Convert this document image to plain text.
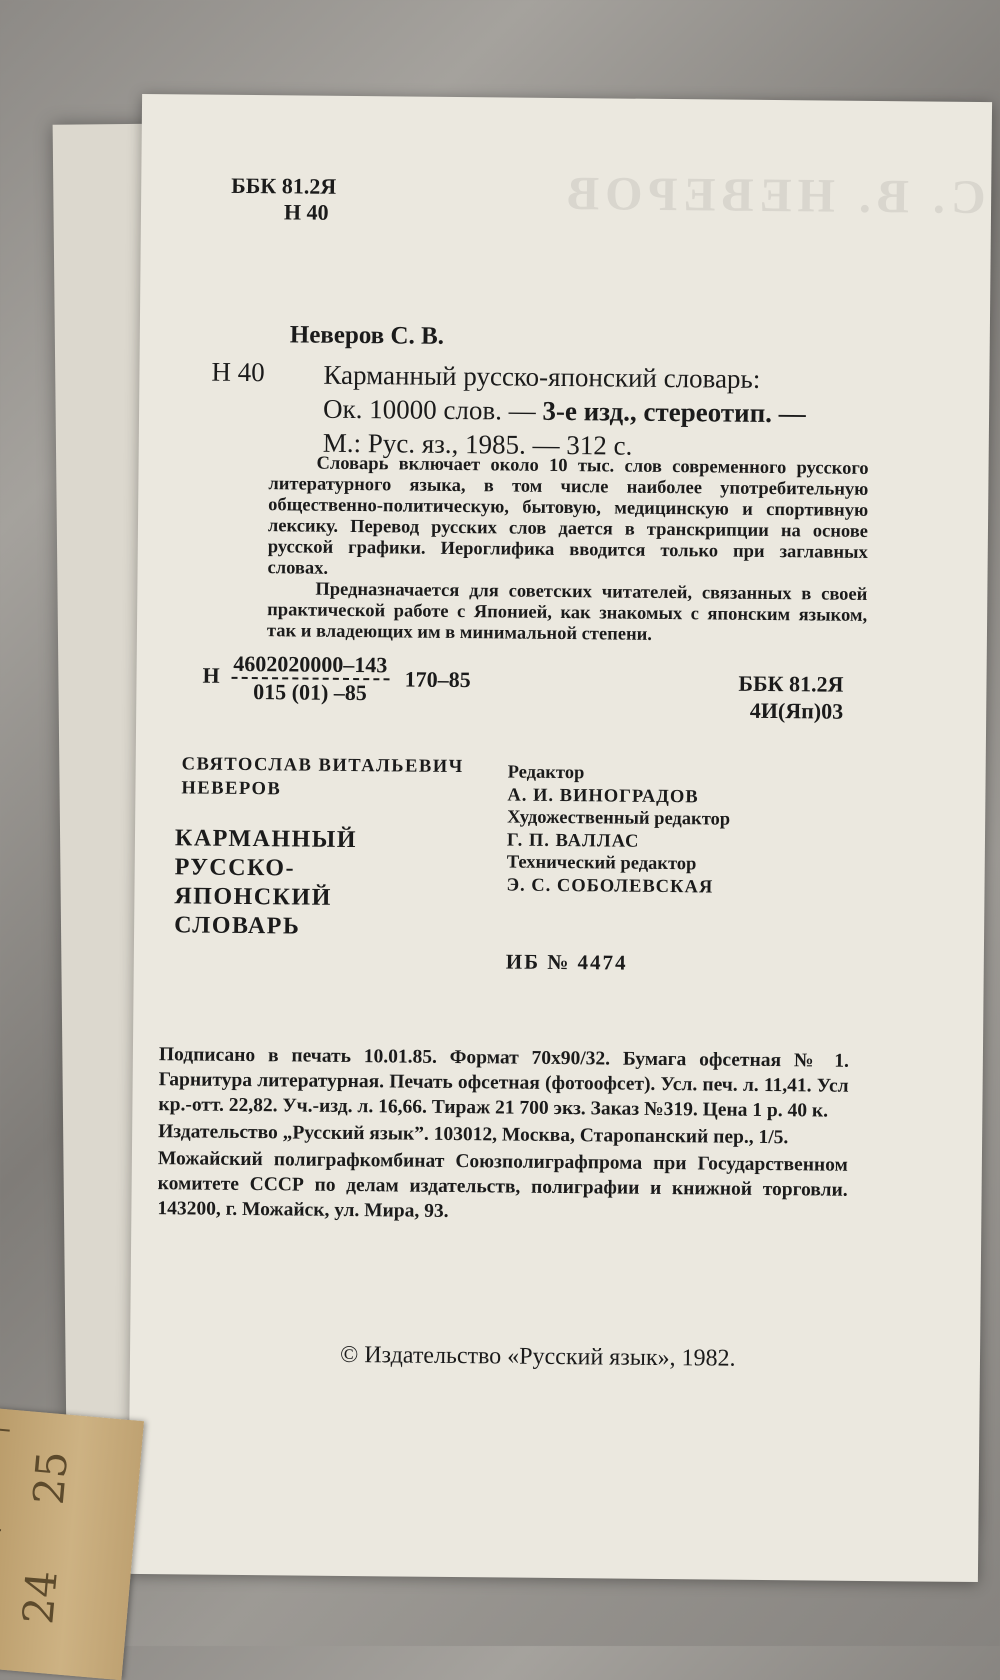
С. В. НЕВЕРОВ
ББК 81.2Я
Н 40
Неверов С. В.
Н 40 Карманный русско-японский словарь:
Ок. 10000 слов. — 3-е изд., стереотип. —
М.: Рус. яз., 1985. — 312 с.

Словарь включает около 10 тыс. слов современного русского литературного языка, в том числе наиболее употребительную общественно-политическую, бытовую, медицинскую и спортивную лексику. Перевод русских слов дается в транскрипции на основе русской графики. Иероглифика вводится только при заглавных словах.

Предназначается для советских читателей, связанных в своей практической работе с Японией, как знакомых с японским языком, так и владеющих им в минимальной степени.

Н $\frac{4602020000-143}{015 (01) -85} 170-85$	ББК 81.2Я
4И(Яп)03
СВЯТОСЛАВ ВИТАЛЬЕВИЧ
НЕВЕРОВ
КАРМАННЫЙ
РУССКО-
ЯПОНСКИЙ
СЛОВАРЬ
Редактор
А. И. ВИНОГРАДОВ
Художественный редактор
Г. П. ВАЛЛАС
Технический редактор
Э. С. СОБОЛЕВСКАЯ
ИБ № 4474

Подписано в печать 10.01.85. Формат 70х90/32. Бумага офсетная № 1. Гарнитура литературная. Печать офсетная (фотоофсет). Усл. печ. л. 11,41. Усл кр.-отт. 22,82. Уч.-изд. л. 16,66. Тираж 21 700 экз. Заказ №319. Цена 1 р. 40 к.

Издательство „Русский язык”. 103012, Москва, Старопанский пер., 1/5.

Можайский полиграфкомбинат Союзполиграфпрома при Государственном комитете СССР по делам издательств, полиграфии и книжной торговли. 143200, г. Можайск, ул. Мира, 93.

© Издательство «Русский язык», 1982.
25
24
